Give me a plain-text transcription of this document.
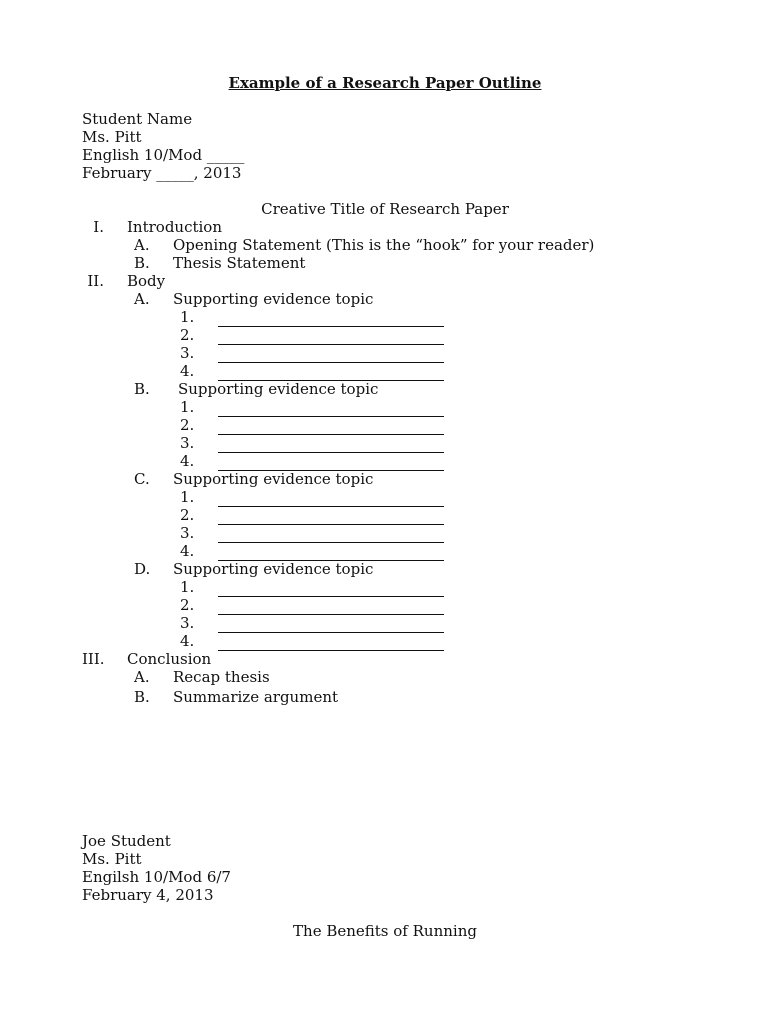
Example of a Research Paper Outline
Student Name
Ms. Pitt
English 10/Mod _____
February _____, 2013
Creative Title of Research Paper
I. Introduction
A. Opening Statement (This is the “hook” for your reader)
B. Thesis Statement
II. Body
A. Supporting evidence topic
1.
2.
3.
4.
B. Supporting evidence topic
1.
2.
3.
4.
C. Supporting evidence topic
1.
2.
3.
4.
D. Supporting evidence topic
1.
2.
3.
4.
III. Conclusion
A. Recap thesis
B. Summarize argument
Joe Student
Ms. Pitt
Engilsh 10/Mod 6/7
February 4, 2013
The Benefits of Running
